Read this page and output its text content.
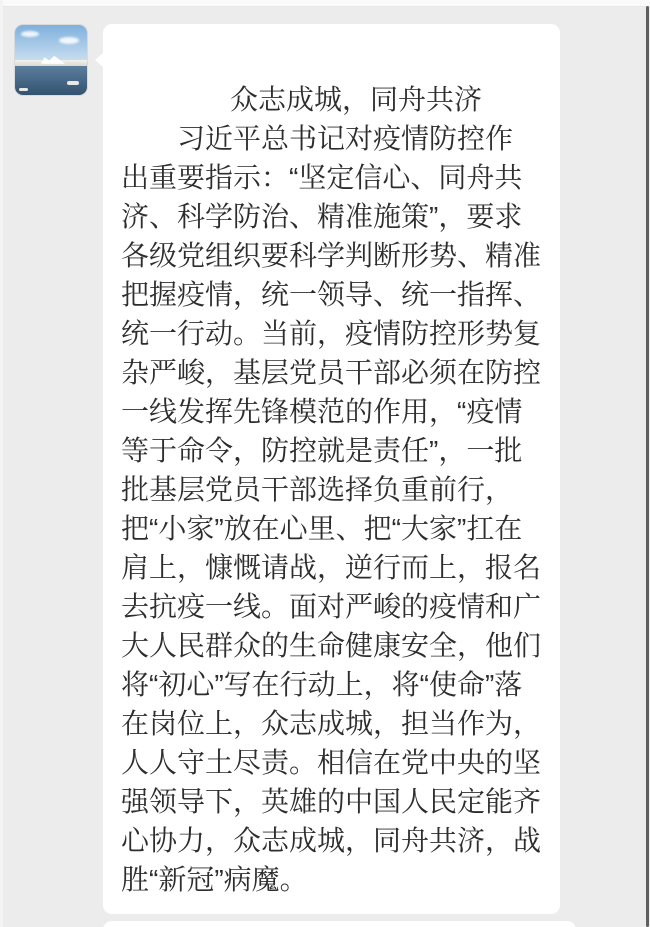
众志成城，同舟共济
习近平总书记对疫情防控作
出重要指示：“坚定信心、同舟共
济、科学防治、精准施策”，要求
各级党组织要科学判断形势、精准
把握疫情，统一领导、统一指挥、
统一行动。当前，疫情防控形势复
杂严峻，基层党员干部必须在防控
一线发挥先锋模范的作用，“疫情
等于命令，防控就是责任”，一批
批基层党员干部选择负重前行，
把“小家”放在心里、把“大家”扛在
肩上，慷慨请战，逆行而上，报名
去抗疫一线。面对严峻的疫情和广
大人民群众的生命健康安全，他们
将“初心”写在行动上，将“使命”落
在岗位上，众志成城，担当作为，
人人守土尽责。相信在党中央的坚
强领导下，英雄的中国人民定能齐
心协力，众志成城，同舟共济，战
胜“新冠”病魔。
